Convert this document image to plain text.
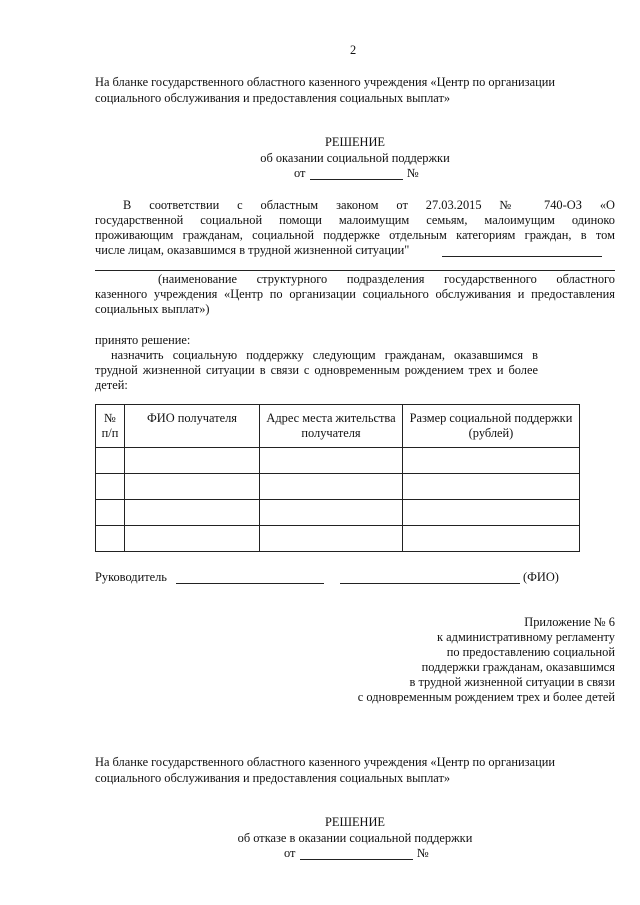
2
На бланке государственного областного казенного учреждения «Центр по организации
социального обслуживания и предоставления социальных выплат»
РЕШЕНИЕ
об оказании социальной поддержки
от	№
В соответствии с областным законом от 27.03.2015 № 740-ОЗ «О
государственной социальной помощи малоимущим семьям, малоимущим одиноко
проживающим гражданам, социальной поддержке отдельным категориям граждан, в том
числе лицам, оказавшимся в трудной жизненной ситуации"
(наименование структурного подразделения государственного областного
казенного учреждения «Центр по организации социального обслуживания и предоставления
социальных выплат»)
принято решение:
назначить социальную поддержку следующим гражданам, оказавшимся в
трудной жизненной ситуации в связи с одновременным рождением трех и более
детей:
№ п/п	ФИО получателя	Адрес места жительства получателя	Размер социальной поддержки (рублей)

Руководитель	(ФИО)
Приложение № 6
к административному регламенту
по предоставлению социальной
поддержки гражданам, оказавшимся
в трудной жизненной ситуации в связи
с одновременным рождением трех и более детей
На бланке государственного областного казенного учреждения «Центр по организации
социального обслуживания и предоставления социальных выплат»
РЕШЕНИЕ
об отказе в оказании социальной поддержки
от	№
